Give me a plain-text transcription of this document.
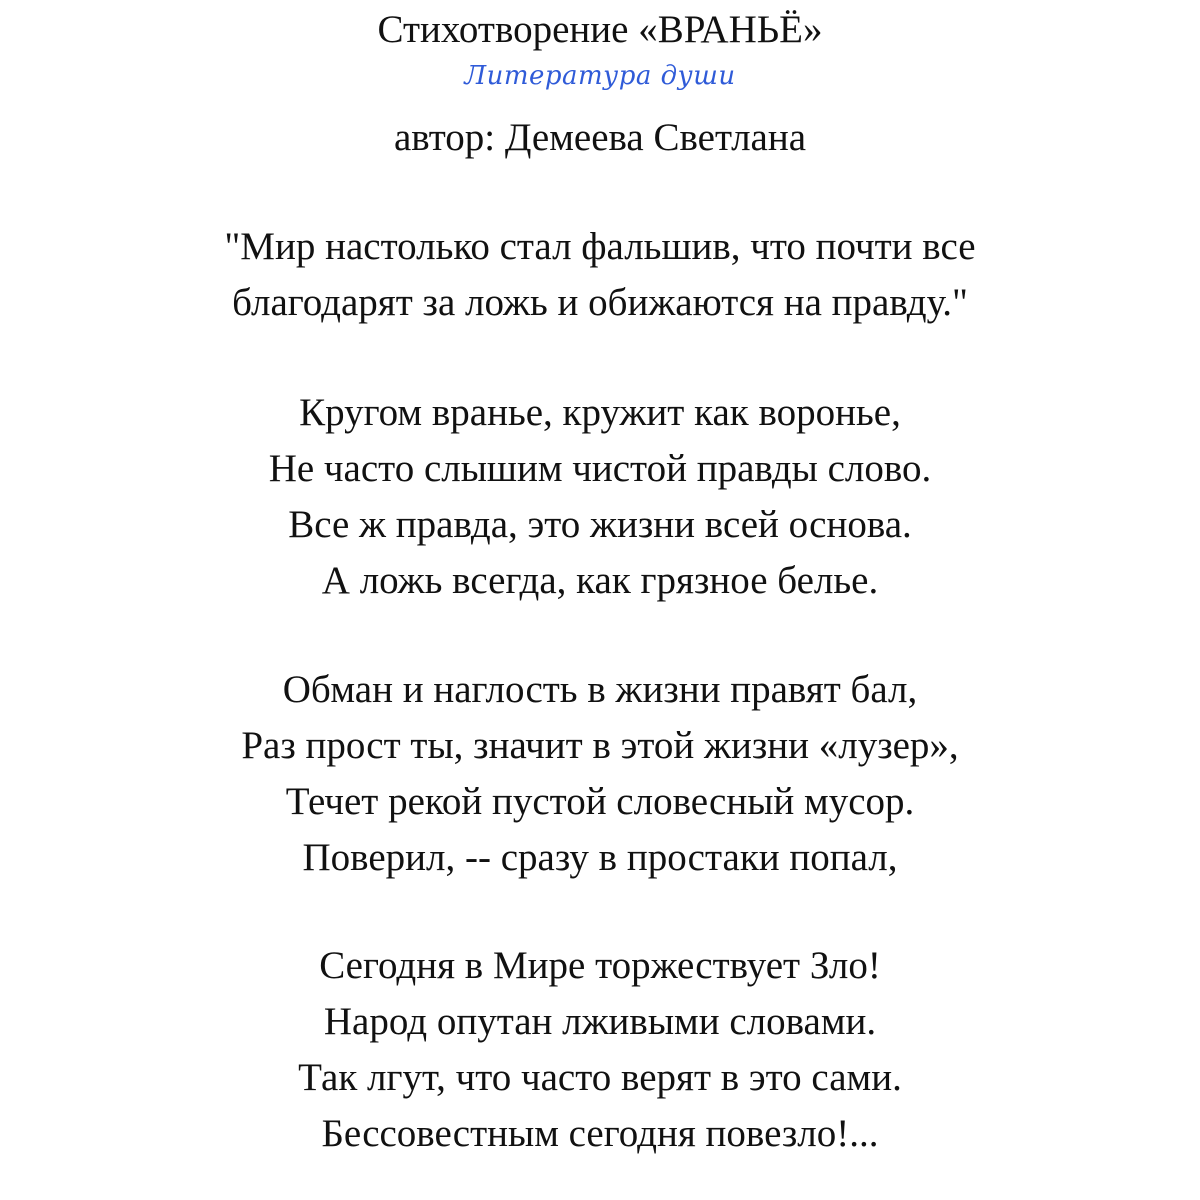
Стихотворение «ВРАНЬЁ»
Литература души
автор: Демеева Светлана
"Мир настолько стал фальшив, что почти все
благодарят за ложь и обижаются на правду."
Кругом вранье, кружит как воронье,
Не часто слышим чистой правды слово.
Все ж правда, это жизни всей основа.
А ложь всегда, как грязное белье.
Обман и наглость в жизни правят бал,
Раз прост ты, значит в этой жизни «лузер»,
Течет рекой пустой словесный мусор.
Поверил, -- сразу в простаки попал,
Сегодня в Мире торжествует Зло!
Народ опутан лживыми словами.
Так лгут, что часто верят в это сами.
Бессовестным сегодня повезло!...
